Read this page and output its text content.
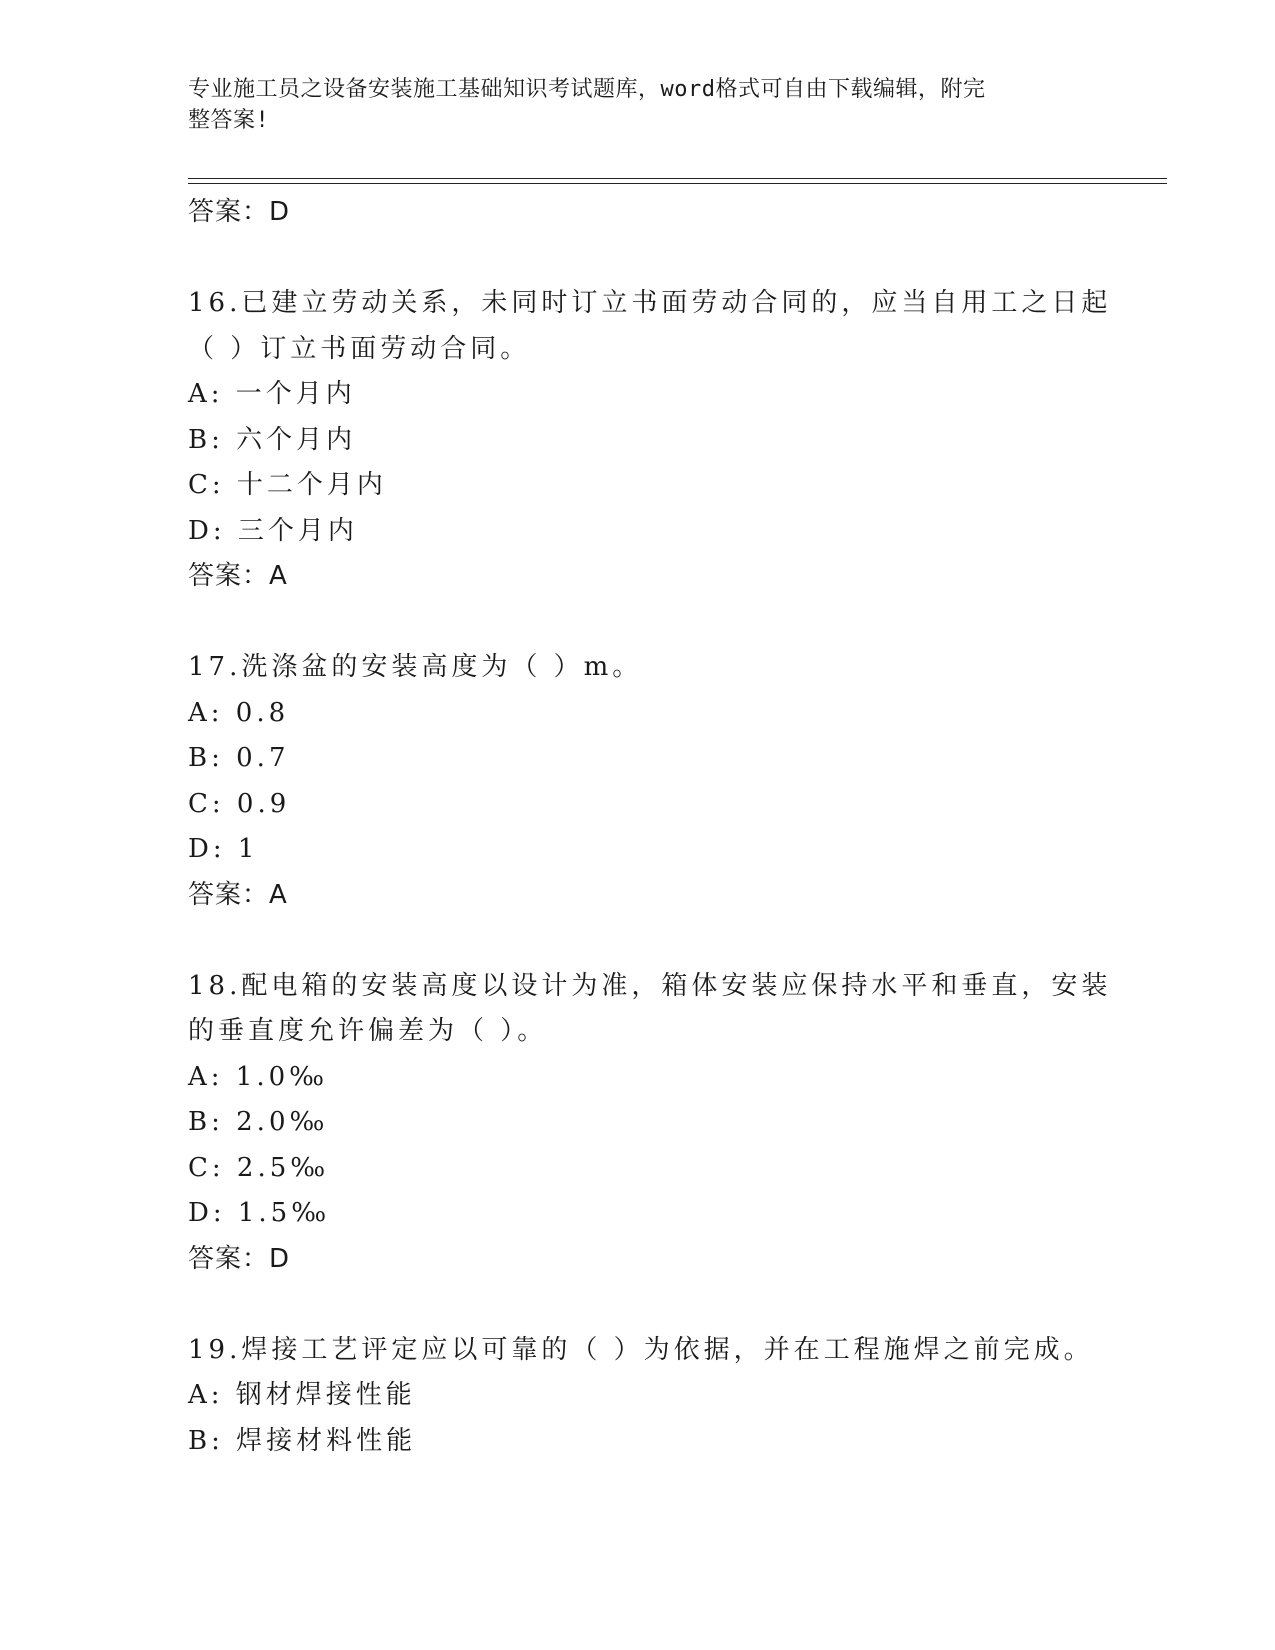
专业施工员之设备安装施工基础知识考试题库，word格式可自由下载编辑，附完
整答案!
答案：D
16.已建立劳动关系，未同时订立书面劳动合同的，应当自用工之日起
（ ）订立书面劳动合同。
A: 一个月内
B: 六个月内
C: 十二个月内
D: 三个月内
答案：A
17.洗涤盆的安装高度为（ ）m。
A: 0.8
B: 0.7
C: 0.9
D: 1
答案：A
18.配电箱的安装高度以设计为准，箱体安装应保持水平和垂直，安装
的垂直度允许偏差为（ ）。
A: 1.0‰
B: 2.0‰
C: 2.5‰
D: 1.5‰
答案：D
19.焊接工艺评定应以可靠的（ ）为依据，并在工程施焊之前完成。
A: 钢材焊接性能
B: 焊接材料性能
